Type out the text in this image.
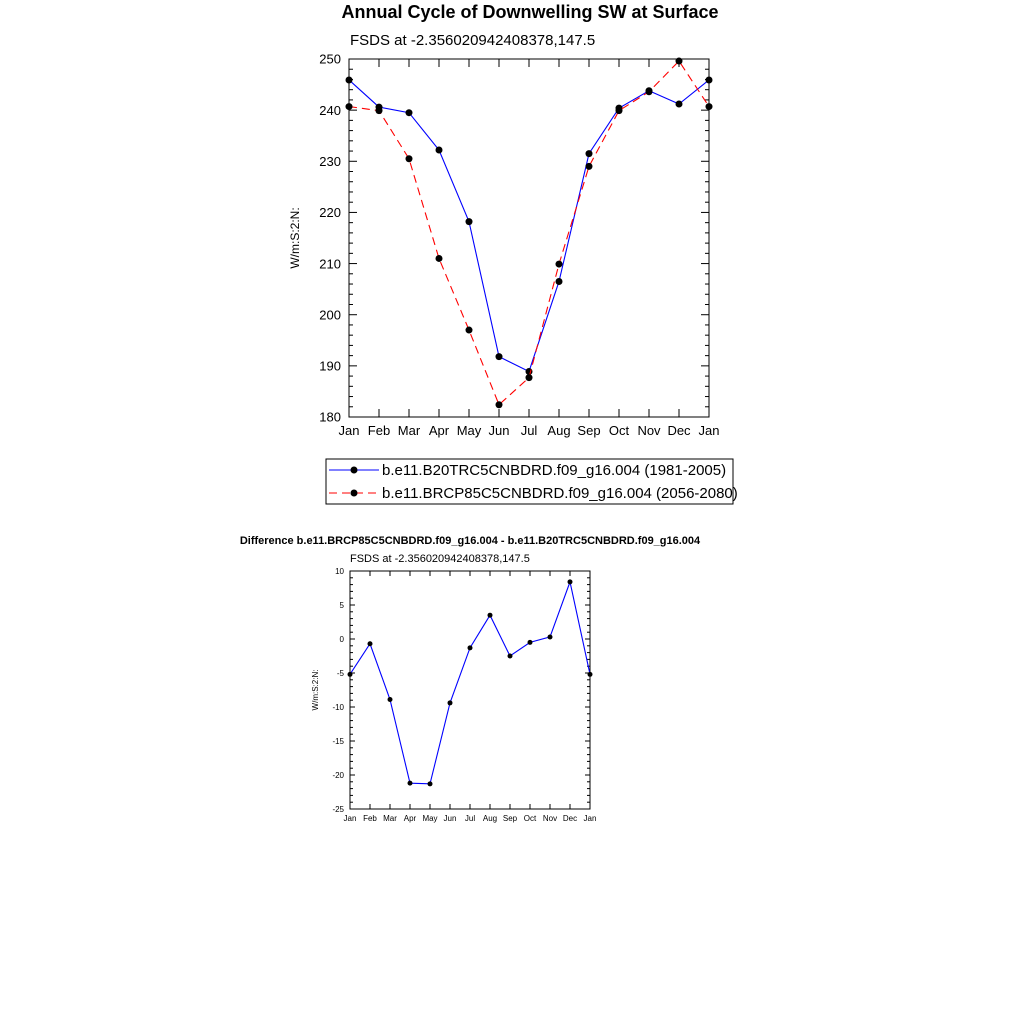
Annual Cycle of Downwelling SW at Surface
FSDS at -2.356020942408378,147.5
W/m:S:2:N:
180
190
200
210
220
230
240
250
Jan Feb Mar Apr May Jun Jul Aug Sep Oct Nov Dec Jan
b.e11.B20TRC5CNBDRD.f09_g16.004 (1981-2005)
b.e11.BRCP85C5CNBDRD.f09_g16.004 (2056-2080)
Difference b.e11.BRCP85C5CNBDRD.f09_g16.004 - b.e11.B20TRC5CNBDRD.f09_g16.004
FSDS at -2.356020942408378,147.5
W/m:S:2:N:
-25
-20
-15
-10
-5
0
5
10
Jan Feb Mar Apr May Jun Jul Aug Sep Oct Nov Dec Jan
